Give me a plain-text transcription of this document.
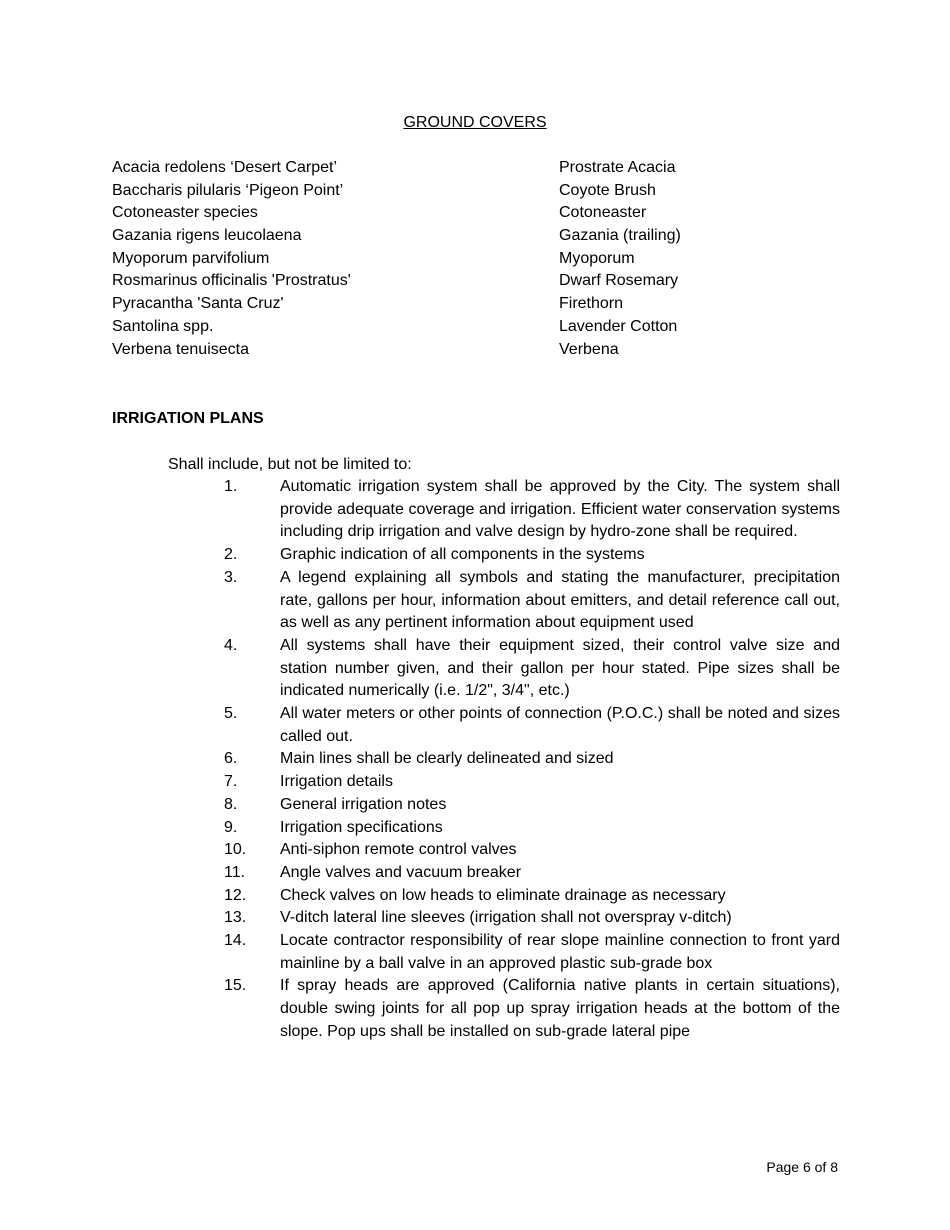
GROUND COVERS
Acacia redolens ‘Desert Carpet’	Prostrate Acacia
Baccharis pilularis ‘Pigeon Point’	Coyote Brush
Cotoneaster species	Cotoneaster
Gazania rigens leucolaena	Gazania (trailing)
Myoporum parvifolium	Myoporum
Rosmarinus officinalis 'Prostratus'	Dwarf Rosemary
Pyracantha 'Santa Cruz'	Firethorn
Santolina spp.	Lavender Cotton
Verbena tenuisecta	Verbena
IRRIGATION PLANS
Shall include, but not be limited to:
1.	Automatic irrigation system shall be approved by the City. The system shall provide adequate coverage and irrigation. Efficient water conservation systems including drip irrigation and valve design by hydro-zone shall be required.
2.	Graphic indication of all components in the systems
3.	A legend explaining all symbols and stating the manufacturer, precipitation rate, gallons per hour, information about emitters, and detail reference call out, as well as any pertinent information about equipment used
4.	All systems shall have their equipment sized, their control valve size and station number given, and their gallon per hour stated. Pipe sizes shall be indicated numerically (i.e. 1/2", 3/4", etc.)
5.	All water meters or other points of connection (P.O.C.) shall be noted and sizes called out.
6.	Main lines shall be clearly delineated and sized
7.	Irrigation details
8.	General irrigation notes
9.	Irrigation specifications
10.	Anti-siphon remote control valves
11.	Angle valves and vacuum breaker
12.	Check valves on low heads to eliminate drainage as necessary
13.	V-ditch lateral line sleeves (irrigation shall not overspray v-ditch)
14.	Locate contractor responsibility of rear slope mainline connection to front yard mainline by a ball valve in an approved plastic sub-grade box
15.	If spray heads are approved (California native plants in certain situations), double swing joints for all pop up spray irrigation heads at the bottom of the slope. Pop ups shall be installed on sub-grade lateral pipe
Page 6 of 8
